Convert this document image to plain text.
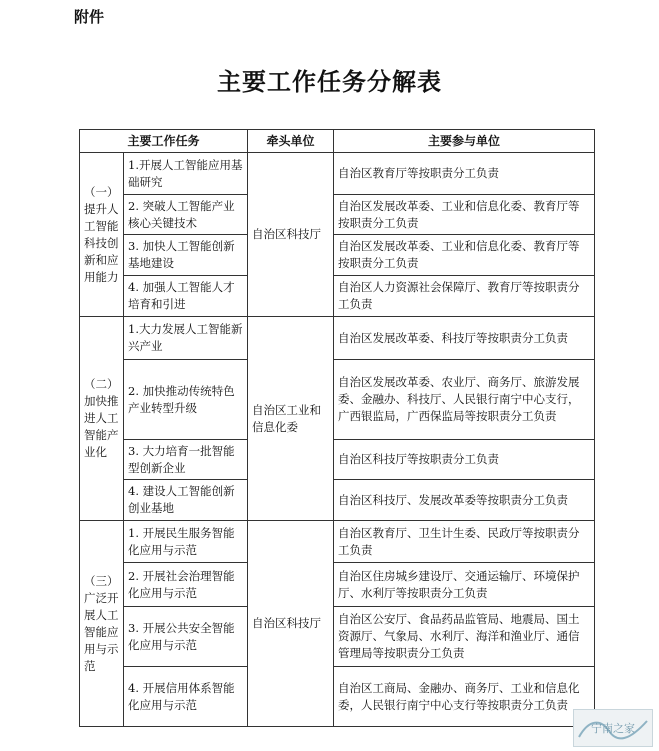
附件
主要工作任务分解表
主要工作任务		牵头单位	主要参与单位
（一）提升人工智能科技创新和应用能力	1.开展人工智能应用基础研究	自治区科技厅	自治区教育厅等按职责分工负责
	2. 突破人工智能产业核心关键技术		自治区发展改革委、工业和信息化委、教育厅等按职责分工负责
	3. 加快人工智能创新基地建设		自治区发展改革委、工业和信息化委、教育厅等按职责分工负责
	4. 加强人工智能人才培育和引进		自治区人力资源社会保障厅、教育厅等按职责分工负责
（二）加快推进人工智能产业化	1.大力发展人工智能新兴产业	自治区工业和信息化委	自治区发展改革委、科技厅等按职责分工负责
	2. 加快推动传统特色产业转型升级		自治区发展改革委、农业厅、商务厅、旅游发展委、金融办、科技厅、人民银行南宁中心支行，广西银监局，广西保监局等按职责分工负责
	3. 大力培育一批智能型创新企业		自治区科技厅等按职责分工负责
	4. 建设人工智能创新创业基地		自治区科技厅、发展改革委等按职责分工负责
（三）广泛开展人工智能应用与示范	1. 开展民生服务智能化应用与示范	自治区科技厅	自治区教育厅、卫生计生委、民政厅等按职责分工负责
	2. 开展社会治理智能化应用与示范		自治区住房城乡建设厅、交通运输厅、环境保护厅、水利厅等按职责分工负责
	3. 开展公共安全智能化应用与示范		自治区公安厅、食品药品监管局、地震局、国土资源厅、气象局、水利厅、海洋和渔业厅、通信管理局等按职责分工负责
	4. 开展信用体系智能化应用与示范		自治区工商局、金融办、商务厅、工业和信息化委，人民银行南宁中心支行等按职责分工负责
宁南之家
